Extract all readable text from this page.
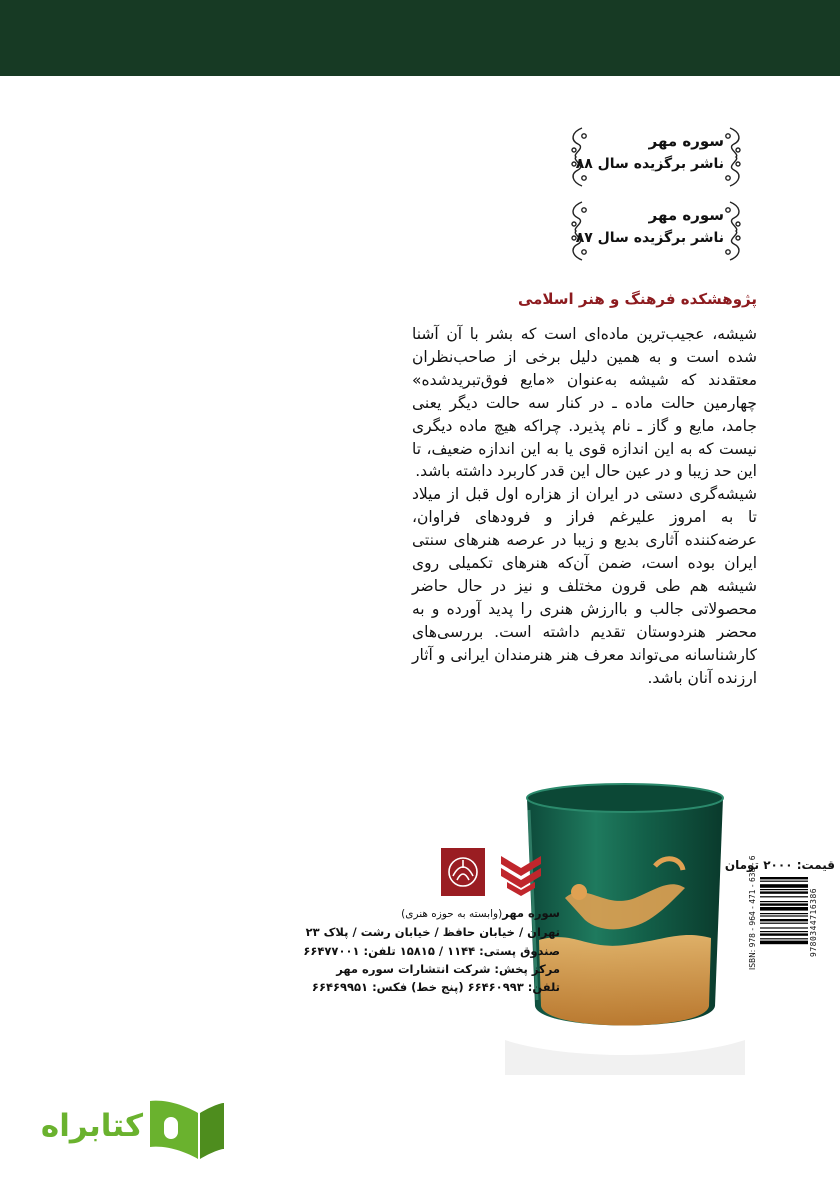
سوره مهر
ناشر برگزیده سال ۸۸
سوره مهر
ناشر برگزیده سال ۸۷
پژوهشکده فرهنگ و هنر اسلامی

شیشه، عجیب‌ترین ماده‌ای است که بشر با آن آشنا شده است و به همین دلیل برخی از صاحب‌نظران معتقدند که شیشه به‌عنوان «مایع فوق‌تبریدشده» چهارمین حالت ماده ـ در کنار سه حالت دیگر یعنی جامد، مایع و گاز ـ نام پذیرد. چراکه هیچ ماده دیگری نیست که به این اندازه قوی یا به این اندازه ضعیف، تا این حد زیبا و در عین حال این قدر کاربرد داشته باشد.

شیشه‌گری دستی در ایران از هزاره اول قبل از میلاد تا به امروز علیرغم فراز و فرودهای فراوان، عرضه‌کننده آثاری بدیع و زیبا در عرصه هنرهای سنتی ایران بوده است، ضمن آن‌که هنرهای تکمیلی روی شیشه هم طی قرون مختلف و نیز در حال حاضر محصولاتی جالب و باارزش هنری را پدید آورده و به محضر هنردوستان تقدیم داشته است. بررسی‌های کارشناسانه می‌تواند معرف هنر هنرمندان ایرانی و آثار ارزنده آنان باشد.

قیمت: ۲۰۰۰ تومان
9780344716386
ISBN: 978 - 964 - 471 - 638 - 6
سوره مهر(وابسته به حوزه هنری)
تهران / خیابان حافظ / خیابان رشت / پلاک ۲۳
صندوق پستی: ۱۱۴۴ / ۱۵۸۱۵ تلفن: ۶۶۴۷۷۰۰۱
مرکز پخش: شرکت انتشارات سوره مهر
تلفن: ۶۶۴۶۰۹۹۳ (پنج خط) فکس: ۶۶۴۶۹۹۵۱
کتابراه
